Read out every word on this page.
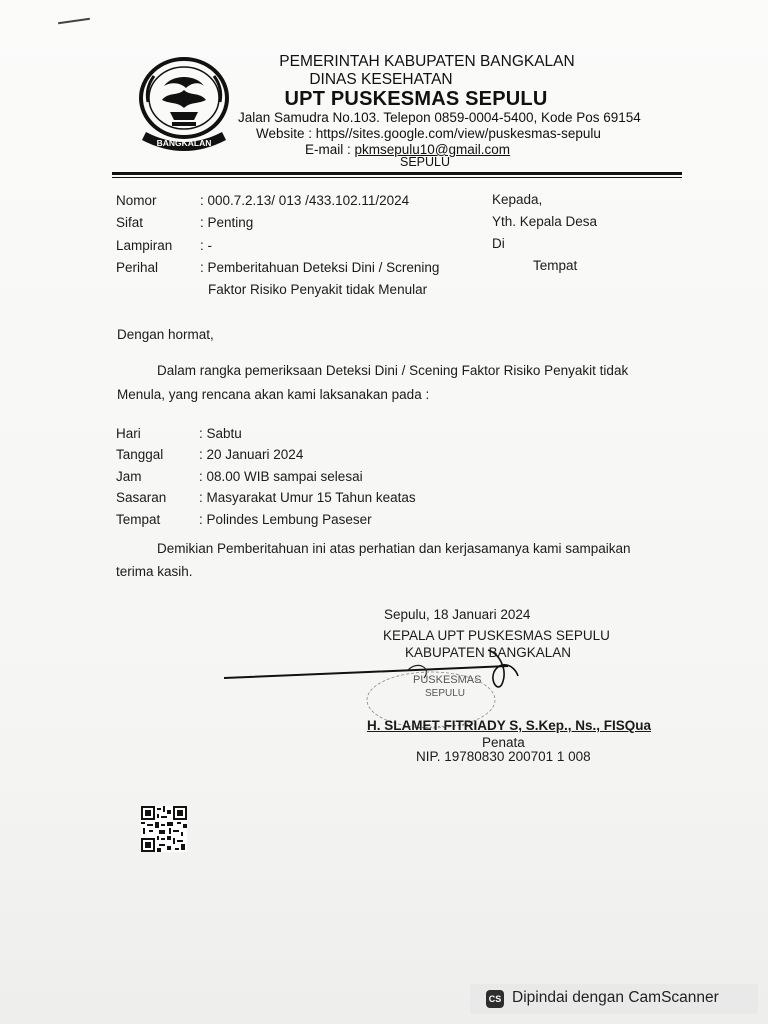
BANGKALAN
PEMERINTAH KABUPATEN BANGKALAN
DINAS KESEHATAN
UPT PUSKESMAS SEPULU
Jalan Samudra No.103. Telepon 0859-0004-5400, Kode Pos 69154
Website : https//sites.google.com/view/puskesmas-sepulu
E-mail : pkmsepulu10@gmail.com
SEPULU
Nomor	: 000.7.2.13/ 013 /433.102.11/2024
Sifat	: Penting
Lampiran : -
Perihal	: Pemberitahuan Deteksi Dini / Screning
Faktor Risiko Penyakit tidak Menular
Kepada,
Yth. Kepala Desa
Di
Tempat
Dengan hormat,
Dalam rangka pemeriksaan Deteksi Dini / Scening Faktor Risiko Penyakit tidak
Menula, yang rencana akan kami laksanakan pada :
Hari	: Sabtu
Tanggal	: 20 Januari 2024
Jam	: 08.00 WIB sampai selesai
Sasaran : Masyarakat Umur 15 Tahun keatas
Tempat	: Polindes Lembung Paseser
Demikian Pemberitahuan ini atas perhatian dan kerjasamanya kami sampaikan
terima kasih.
Sepulu, 18 Januari 2024
KEPALA UPT PUSKESMAS SEPULU
KABUPATEN BANGKALAN
PUSKESMAS
SEPULU
H. SLAMET FITRIADY S, S.Kep., Ns., FISQua
Penata
NIP. 19780830 200701 1 008
CS Dipindai dengan CamScanner
